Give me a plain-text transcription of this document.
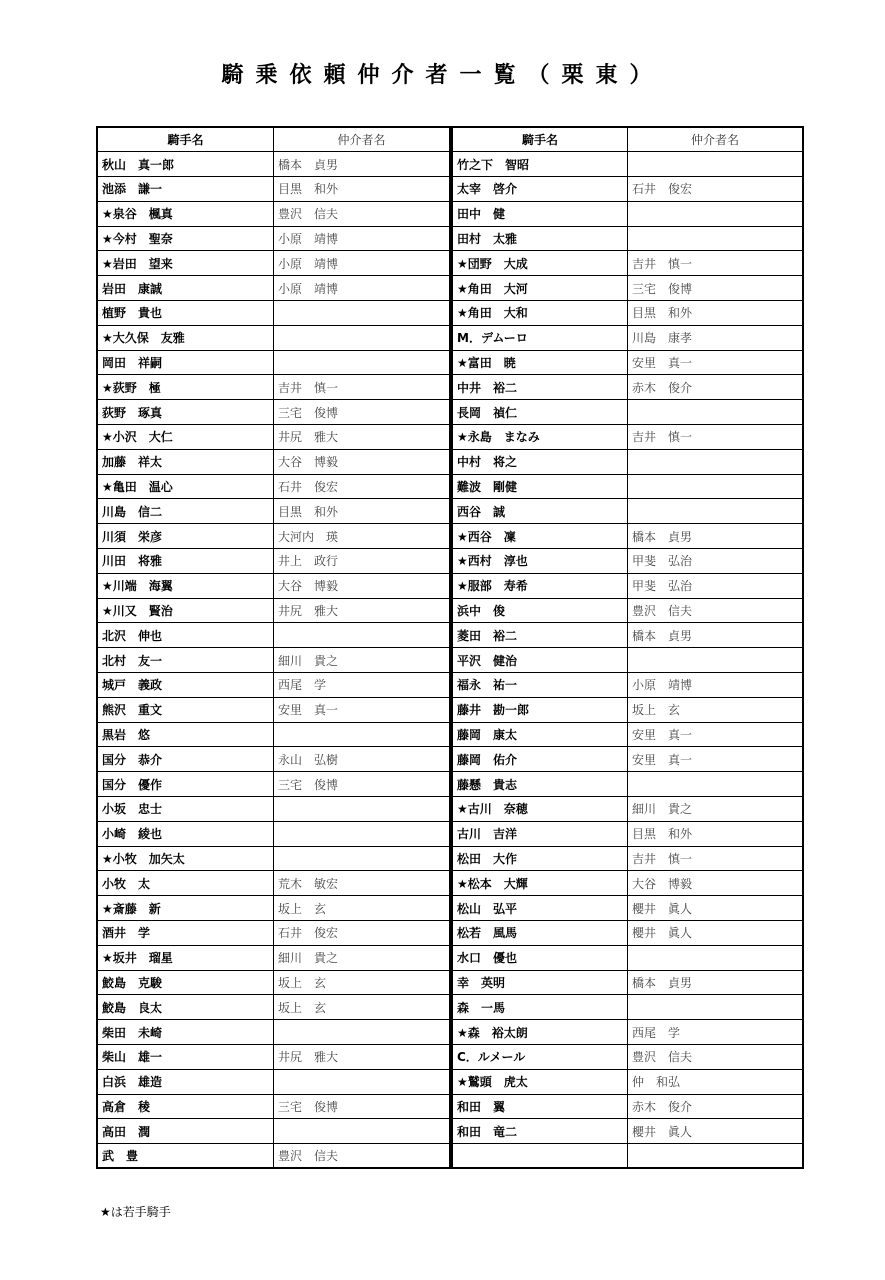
騎乗依頼仲介者一覧（栗東）
騎手名	仲介者名
秋山　真一郎	橋本　貞男
池添　謙一	目黒　和外
★泉谷　楓真	豊沢　信夫
★今村　聖奈	小原　靖博
★岩田　望来	小原　靖博
岩田　康誠	小原　靖博
植野　貴也	
★大久保　友雅	
岡田　祥嗣	
★荻野　極	吉井　慎一
荻野　琢真	三宅　俊博
★小沢　大仁	井尻　雅大
加藤　祥太	大谷　博毅
★亀田　温心	石井　俊宏
川島　信二	目黒　和外
川須　栄彦	大河内　瑛
川田　将雅	井上　政行
★川端　海翼	大谷　博毅
★川又　賢治	井尻　雅大
北沢　伸也	
北村　友一	細川　貴之
城戸　義政	西尾　学
熊沢　重文	安里　真一
黒岩　悠	
国分　恭介	永山　弘樹
国分　優作	三宅　俊博
小坂　忠士	
小崎　綾也	
★小牧　加矢太	
小牧　太	荒木　敏宏
★斎藤　新	坂上　玄
酒井　学	石井　俊宏
★坂井　瑠星	細川　貴之
鮫島　克駿	坂上　玄
鮫島　良太	坂上　玄
柴田　未崎	
柴山　雄一	井尻　雅大
白浜　雄造	
高倉　稜	三宅　俊博
高田　潤	
武　豊	豊沢　信夫
騎手名	仲介者名
竹之下　智昭	
太宰　啓介	石井　俊宏
田中　健	
田村　太雅	
★団野　大成	吉井　慎一
★角田　大河	三宅　俊博
★角田　大和	目黒　和外
M．デムーロ	川島　康孝
★富田　暁	安里　真一
中井　裕二	赤木　俊介
長岡　禎仁	
★永島　まなみ	吉井　慎一
中村　将之	
難波　剛健	
西谷　誠	
★西谷　凜	橋本　貞男
★西村　淳也	甲斐　弘治
★服部　寿希	甲斐　弘治
浜中　俊	豊沢　信夫
菱田　裕二	橋本　貞男
平沢　健治	
福永　祐一	小原　靖博
藤井　勘一郎	坂上　玄
藤岡　康太	安里　真一
藤岡　佑介	安里　真一
藤懸　貴志	
★古川　奈穂	細川　貴之
古川　吉洋	目黒　和外
松田　大作	吉井　慎一
★松本　大輝	大谷　博毅
松山　弘平	櫻井　眞人
松若　風馬	櫻井　眞人
水口　優也	
幸　英明	橋本　貞男
森　一馬	
★森　裕太朗	西尾　学
C．ルメール	豊沢　信夫
★鷲頭　虎太	仲　和弘
和田　翼	赤木　俊介
和田　竜二	櫻井　眞人

★は若手騎手
